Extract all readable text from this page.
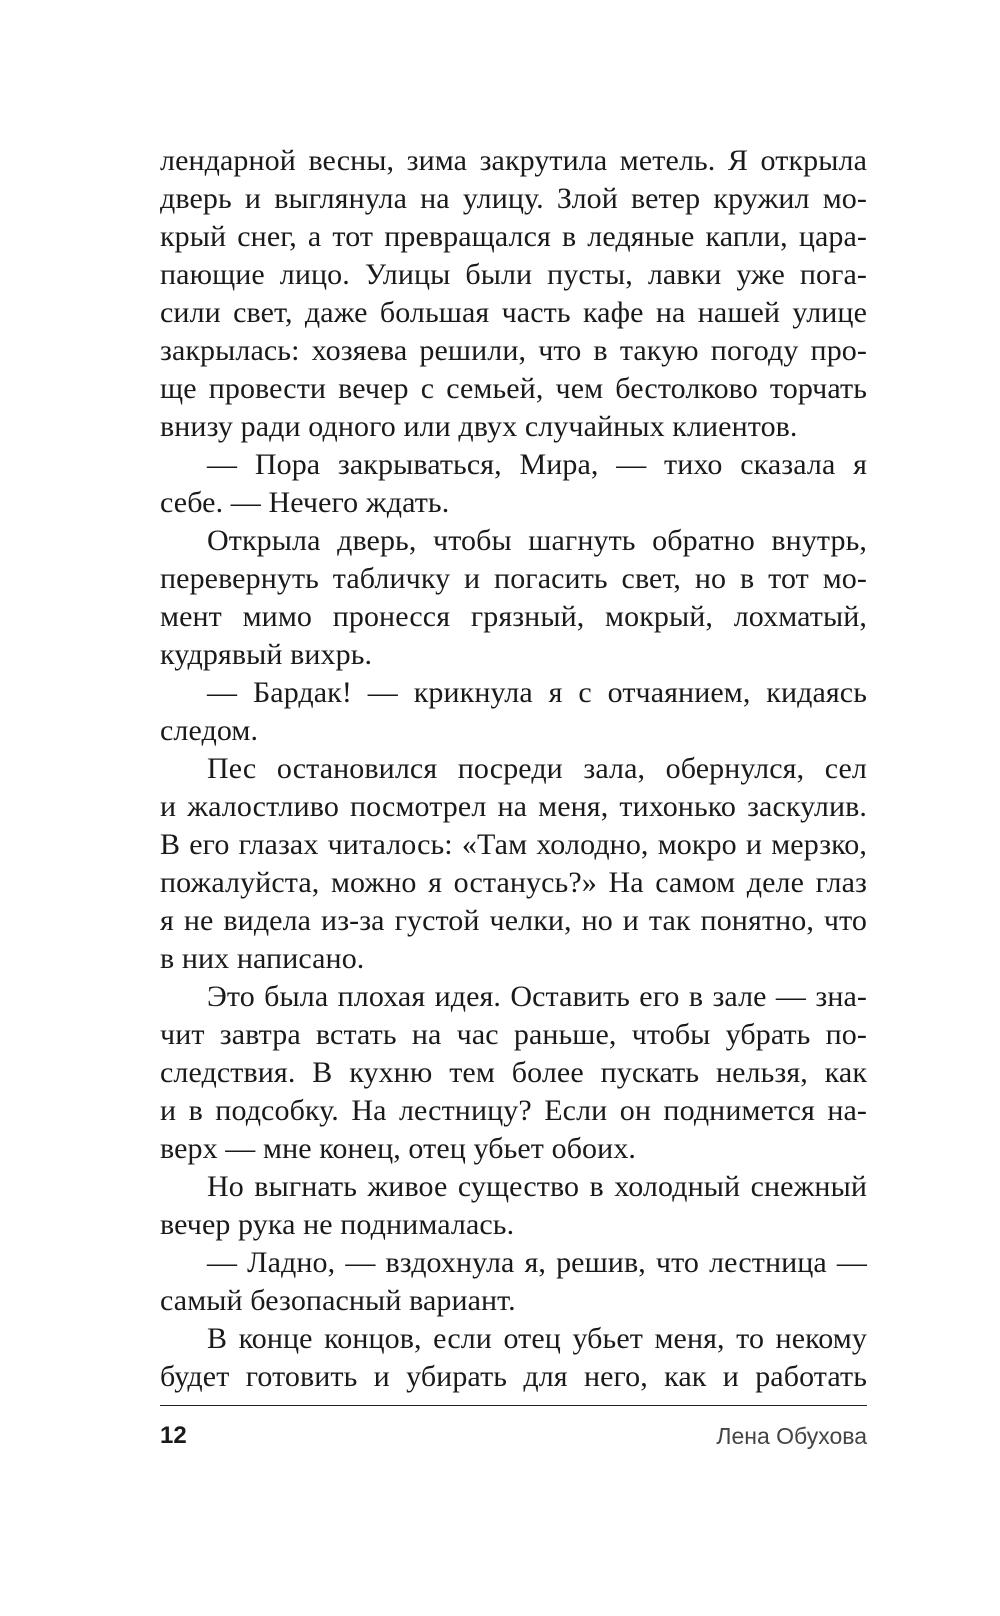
лендарной весны, зима закрутила метель. Я открыла
дверь и выглянула на улицу. Злой ветер кружил мо-
крый снег, а тот превращался в ледяные капли, цара-
пающие лицо. Улицы были пусты, лавки уже пога-
сили свет, даже большая часть кафе на нашей улице
закрылась: хозяева решили, что в такую погоду про-
ще провести вечер с семьей, чем бестолково торчать
внизу ради одного или двух случайных клиентов.
— Пора закрываться, Мира, — тихо сказала я
себе. — Нечего ждать.
Открыла дверь, чтобы шагнуть обратно внутрь,
перевернуть табличку и погасить свет, но в тот мо-
мент мимо пронесся грязный, мокрый, лохматый,
кудрявый вихрь.
— Бардак! — крикнула я с отчаянием, кидаясь
следом.
Пес остановился посреди зала, обернулся, сел
и жалостливо посмотрел на меня, тихонько заскулив.
В его глазах читалось: «Там холодно, мокро и мерзко,
пожалуйста, можно я останусь?» На самом деле глаз
я не видела из-за густой челки, но и так понятно, что
в них написано.
Это была плохая идея. Оставить его в зале — зна-
чит завтра встать на час раньше, чтобы убрать по-
следствия. В кухню тем более пускать нельзя, как
и в подсобку. На лестницу? Если он поднимется на-
верх — мне конец, отец убьет обоих.
Но выгнать живое существо в холодный снежный
вечер рука не поднималась.
— Ладно, — вздохнула я, решив, что лестница —
самый безопасный вариант.
В конце концов, если отец убьет меня, то некому
будет готовить и убирать для него, как и работать
12	Лена Обухова
